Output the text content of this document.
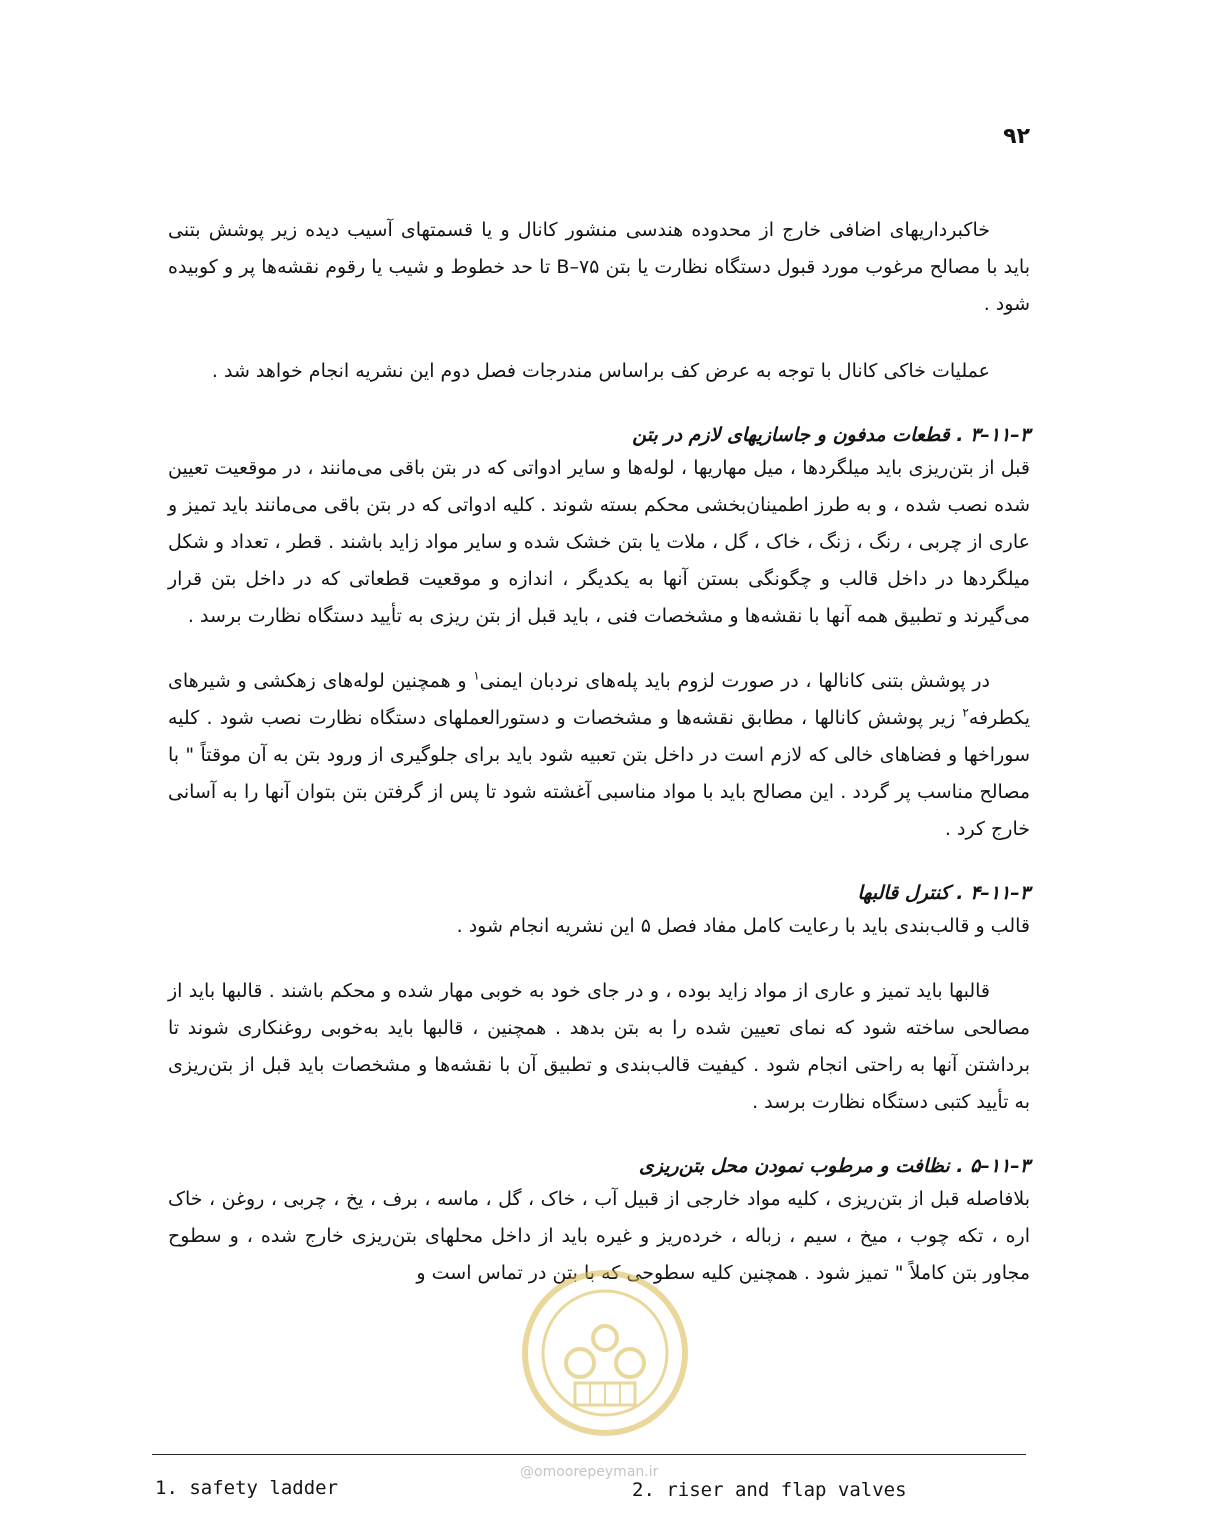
۹۲

خاکبرداریهای اضافی خارج از محدوده هندسی منشور کانال و یا قسمتهای آسیب دیده زیر پوشش بتنی باید با مصالح مرغوب مورد قبول دستگاه نظارت یا بتن B–۷۵ تا حد خطوط و شیب یا رقوم نقشه‌ها پر و کوبیده شود .

عملیات خاکی کانال با توجه به عرض کف براساس مندرجات فصل دوم این نشریه انجام خواهد شد .

۳–۱۱–۳ . قطعات مدفون و جاسازیهای لازم در بتن

قبل از بتن‌ریزی باید میلگردها ، میل مهاریها ، لوله‌ها و سایر ادواتی که در بتن باقی می‌مانند ، در موقعیت تعیین شده نصب شده ، و به طرز اطمینان‌بخشی محکم بسته شوند . کلیه ادواتی که در بتن باقی می‌مانند باید تمیز و عاری از چربی ، رنگ ، زنگ ، خاک ، گل ، ملات یا بتن خشک شده و سایر مواد زاید باشند . قطر ، تعداد و شکل میلگردها در داخل قالب و چگونگی بستن آنها به یکدیگر ، اندازه و موقعیت قطعاتی که در داخل بتن قرار می‌گیرند و تطبیق همه آنها با نقشه‌ها و مشخصات فنی ، باید قبل از بتن ریزی به تأیید دستگاه نظارت برسد .

در پوشش بتنی کانالها ، در صورت لزوم باید پله‌های نردبان ایمنی$^۱$ و همچنین لوله‌های زهکشی و شیرهای یکطرفه$^۲$ زیر پوشش کانالها ، مطابق نقشه‌ها و مشخصات و دستورالعملهای دستگاه نظارت نصب شود . کلیه سوراخها و فضاهای خالی که لازم است در داخل بتن تعبیه شود باید برای جلوگیری از ورود بتن به آن موقتاً " با مصالح مناسب پر گردد . این مصالح باید با مواد مناسبی آغشته شود تا پس از گرفتن بتن بتوان آنها را به آسانی خارج کرد .

۳–۱۱–۴ . کنترل قالبها

قالب و قالب‌بندی باید با رعایت کامل مفاد فصل ۵ این نشریه انجام شود .

قالبها باید تمیز و عاری از مواد زاید بوده ، و در جای خود به خوبی مهار شده و محکم باشند . قالبها باید از مصالحی ساخته شود که نمای تعیین شده را به بتن بدهد . همچنین ، قالبها باید به‌خوبی روغنکاری شوند تا برداشتن آنها به راحتی انجام شود . کیفیت قالب‌بندی و تطبیق آن با نقشه‌ها و مشخصات باید قبل از بتن‌ریزی به تأیید کتبی دستگاه نظارت برسد .

۳–۱۱–۵ . نظافت و مرطوب نمودن محل بتن‌ریزی

بلافاصله قبل از بتن‌ریزی ، کلیه مواد خارجی از قبیل آب ، خاک ، گل ، ماسه ، برف ، یخ ، چربی ، روغن ، خاک اره ، تکه چوب ، میخ ، سیم ، زباله ، خرده‌ریز و غیره باید از داخل محلهای بتن‌ریزی خارج شده ، و سطوح مجاور بتن کاملاً " تمیز شود . همچنین کلیه سطوحی که با بتن در تماس است و

@omoorepeyman.ir
1. safety ladder	2. riser and flap valves
